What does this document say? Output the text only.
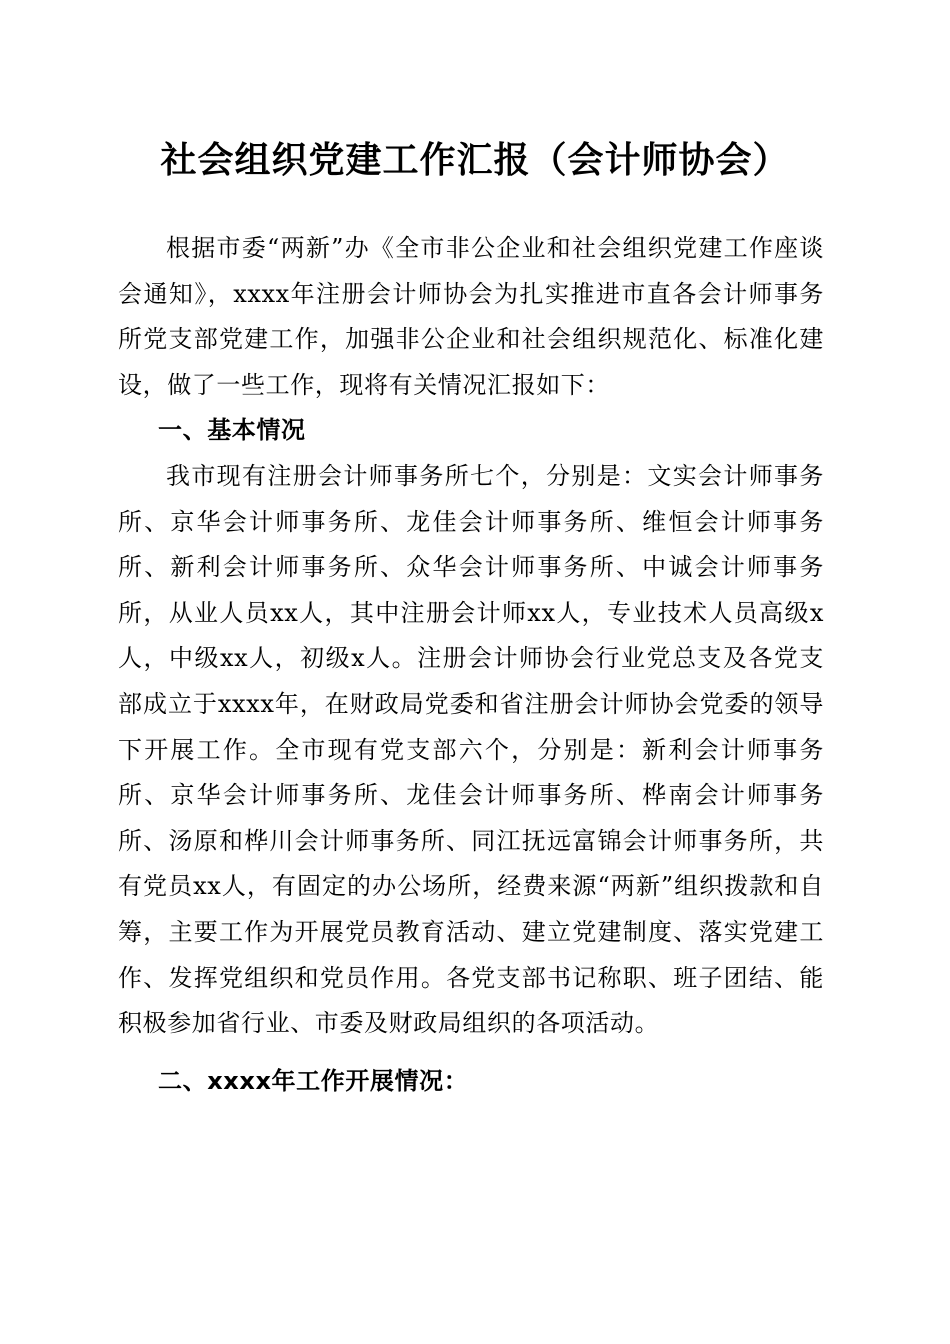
社会组织党建工作汇报（会计师协会）

根据市委“两新”办《全市非公企业和社会组织党建工作座谈会通知》，xxxx年注册会计师协会为扎实推进市直各会计师事务所党支部党建工作，加强非公企业和社会组织规范化、标准化建设，做了一些工作，现将有关情况汇报如下：

一、基本情况

我市现有注册会计师事务所七个，分别是：文实会计师事务所、京华会计师事务所、龙佳会计师事务所、维恒会计师事务所、新利会计师事务所、众华会计师事务所、中诚会计师事务所，从业人员xx人，其中注册会计师xx人，专业技术人员高级x人，中级xx人，初级x人。注册会计师协会行业党总支及各党支部成立于xxxx年，在财政局党委和省注册会计师协会党委的领导下开展工作。全市现有党支部六个，分别是：新利会计师事务所、京华会计师事务所、龙佳会计师事务所、桦南会计师事务所、汤原和桦川会计师事务所、同江抚远富锦会计师事务所，共有党员xx人，有固定的办公场所，经费来源“两新”组织拨款和自筹，主要工作为开展党员教育活动、建立党建制度、落实党建工作、发挥党组织和党员作用。各党支部书记称职、班子团结、能积极参加省行业、市委及财政局组织的各项活动。

二、xxxx年工作开展情况：
